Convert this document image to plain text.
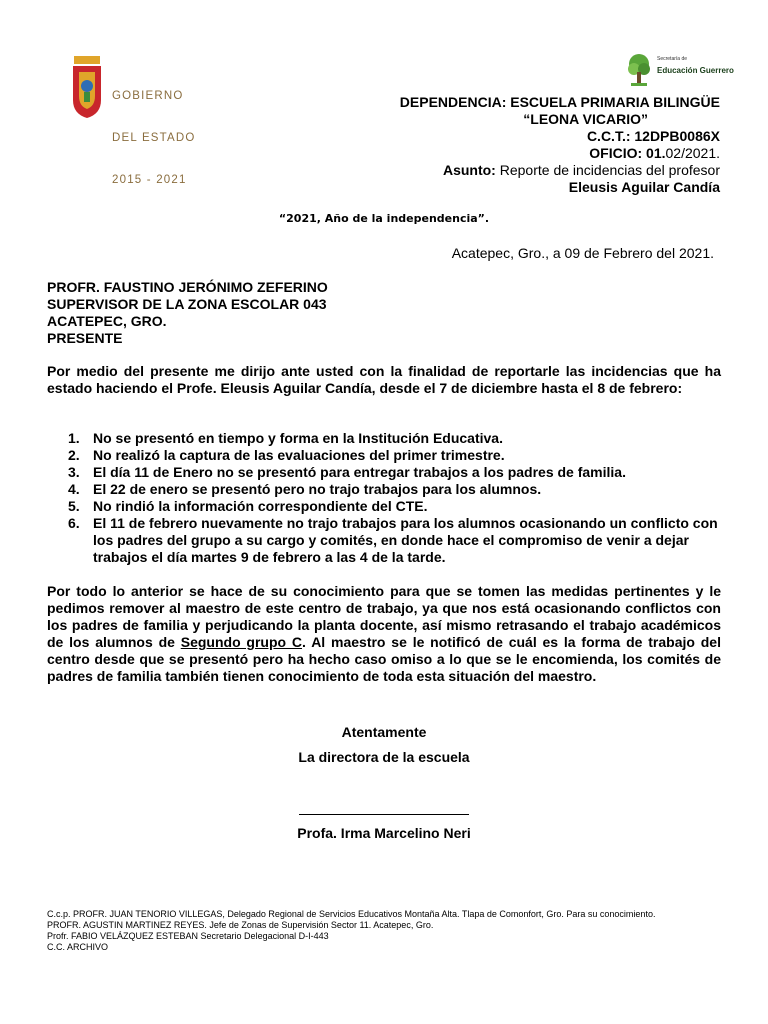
GOBIERNO

DEL ESTADO

2015 - 2021

Secretaría de
Educación Guerrero
DEPENDENCIA: ESCUELA PRIMARIA BILINGÜE
“LEONA VICARIO”
C.C.T.: 12DPB0086X
OFICIO: 01.02/2021.
Asunto: Reporte de incidencias del profesor
Eleusis Aguilar Candía
“2021, Año de la independencia”.
Acatepec, Gro., a 09 de Febrero del 2021.
PROFR. FAUSTINO JERÓNIMO ZEFERINO
SUPERVISOR DE LA ZONA ESCOLAR 043
ACATEPEC, GRO.
PRESENTE
Por medio del presente me dirijo ante usted con la finalidad de reportarle las incidencias que ha estado haciendo el Profe. Eleusis Aguilar Candía, desde el 7 de diciembre hasta el 8 de febrero:
1. No se presentó en tiempo y forma en la Institución Educativa.
2. No realizó la captura de las evaluaciones del primer trimestre.
3. El día 11 de Enero no se presentó para entregar trabajos a los padres de familia.
4. El 22 de enero se presentó pero no trajo trabajos para los alumnos.
5. No rindió la información correspondiente del CTE.
6. El 11 de febrero nuevamente no trajo trabajos para los alumnos ocasionando un conflicto con los padres del grupo a su cargo y comités, en donde hace el compromiso de venir a dejar trabajos el día martes 9 de febrero a las 4 de la tarde.
Por todo lo anterior se hace de su conocimiento para que se tomen las medidas pertinentes y le pedimos remover al maestro de este centro de trabajo, ya que nos está ocasionando conflictos con los padres de familia y perjudicando la planta docente, así mismo retrasando el trabajo académicos de los alumnos de Segundo grupo C. Al maestro se le notificó de cuál es la forma de trabajo del centro desde que se presentó pero ha hecho caso omiso a lo que se le encomienda, los comités de padres de familia también tienen conocimiento de toda esta situación del maestro.
Atentamente
La directora de la escuela
Profa. Irma Marcelino Neri
C.c.p. PROFR. JUAN TENORIO VILLEGAS, Delegado Regional de Servicios Educativos Montaña Alta. Tlapa de Comonfort, Gro. Para su conocimiento.
PROFR. AGUSTIN MARTINEZ REYES. Jefe de Zonas de Supervisión Sector 11. Acatepec, Gro.
Profr. FABIO VELÁZQUEZ ESTEBAN Secretario Delegacional D-I-443
C.C. ARCHIVO
